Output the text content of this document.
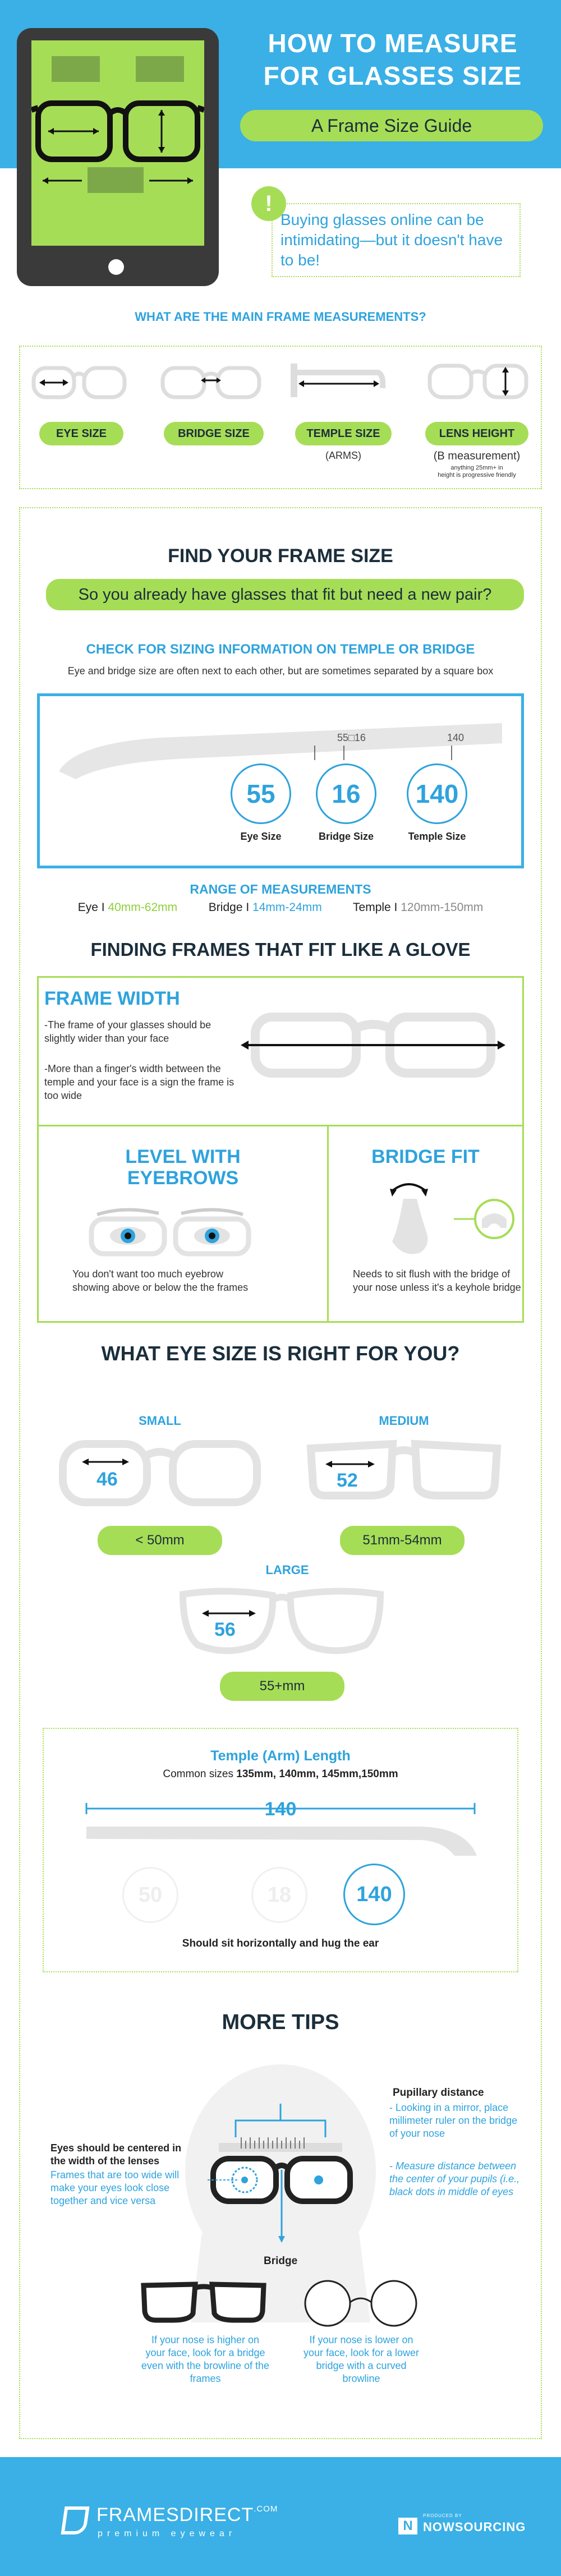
HOW TO MEASURE
FOR GLASSES SIZE
A Frame Size Guide
!
Buying glasses online can be intimidating—but it doesn't have to be!
WHAT ARE THE MAIN FRAME MEASUREMENTS?
EYE SIZE	BRIDGE SIZE	TEMPLE SIZE	LENS HEIGHT
(ARMS)	(B measurement)
anything 25mm+ in
height is progressive friendly
FIND YOUR FRAME SIZE
So you already have glasses that fit but need a new pair?
CHECK FOR SIZING INFORMATION ON TEMPLE OR BRIDGE
Eye and bridge size are often next to each other, but are sometimes separated by a square box
55□16	140
55	16	140
Eye Size	Bridge Size	Temple Size
RANGE OF MEASUREMENTS
Eye I 40mm-62mm	Bridge I 14mm-24mm	Temple I 120mm-150mm
FINDING FRAMES THAT FIT LIKE A GLOVE
FRAME WIDTH
-The frame of your glasses should be slightly wider than your face
-More than a finger's width between the temple and your face is a sign the frame is too wide
LEVEL WITH
EYEBROWS
You don't want too much eyebrow showing above or below the the frames
BRIDGE FIT
Needs to sit flush with the bridge of your nose unless it's a keyhole bridge
WHAT EYE SIZE IS RIGHT FOR YOU?
SMALL
46
< 50mm
MEDIUM
52
51mm-54mm
LARGE
56
55+mm
Temple (Arm) Length
Common sizes 135mm, 140mm, 145mm,150mm
140
50	18	140
Should sit horizontally and hug the ear
MORE TIPS
Pupillary distance
- Looking in a mirror, place millimeter ruler on the bridge of your nose
- Measure distance between the center of your pupils (i.e., black dots in middle of eyes
Eyes should be centered in the width of the lenses
Frames that are too wide will make your eyes look close together and vice versa
Bridge
If your nose is higher on your face, look for a bridge even with the browline of the frames
If your nose is lower on your face, look for a lower bridge with a curved browline
$FRAMESDIRECT^{.COM}$
premium eyewear
N
PRODUCED BY
NOWSOURCING
